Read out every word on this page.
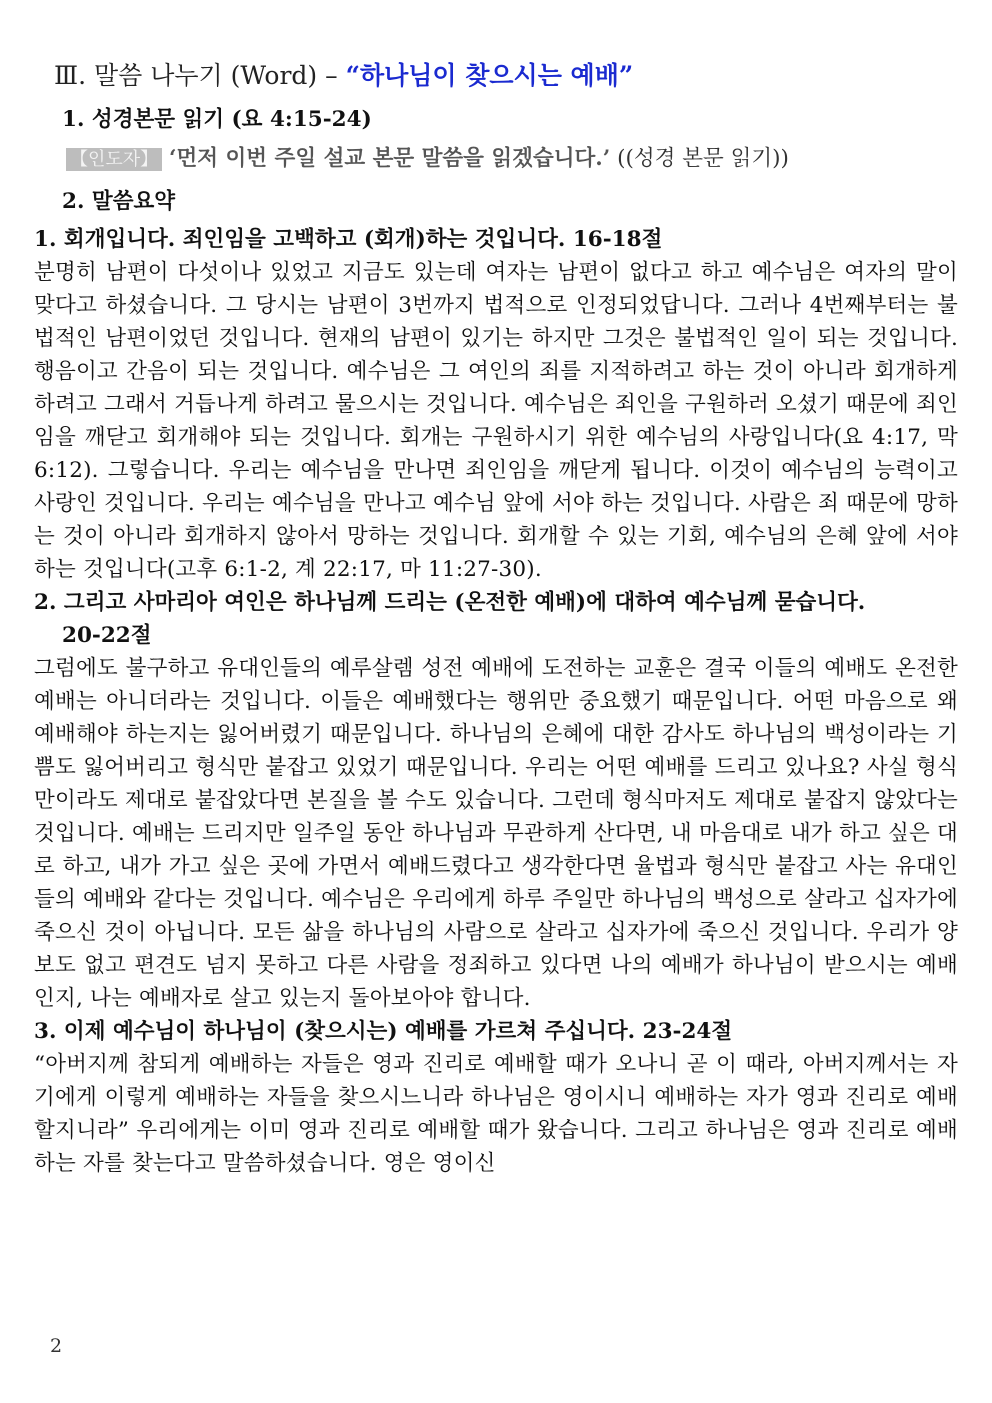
Ⅲ. 말씀 나누기 (Word) – “하나님이 찾으시는 예배”
1. 성경본문 읽기 (요 4:15-24)
【인도자】 ‘먼저 이번 주일 설교 본문 말씀을 읽겠습니다.’ ((성경 본문 읽기))
2. 말씀요약

1. 회개입니다. 죄인임을 고백하고 (회개)하는 것입니다. 16-18절

분명히 남편이 다섯이나 있었고 지금도 있는데 여자는 남편이 없다고 하고 예수님은 여자의 말이 맞다고 하셨습니다. 그 당시는 남편이 3번까지 법적으로 인정되었답니다. 그러나 4번째부터는 불법적인 남편이었던 것입니다. 현재의 남편이 있기는 하지만 그것은 불법적인 일이 되는 것입니다. 행음이고 간음이 되는 것입니다. 예수님은 그 여인의 죄를 지적하려고 하는 것이 아니라 회개하게 하려고 그래서 거듭나게 하려고 물으시는 것입니다. 예수님은 죄인을 구원하러 오셨기 때문에 죄인임을 깨닫고 회개해야 되는 것입니다. 회개는 구원하시기 위한 예수님의 사랑입니다(요 4:17, 막 6:12). 그렇습니다. 우리는 예수님을 만나면 죄인임을 깨닫게 됩니다. 이것이 예수님의 능력이고 사랑인 것입니다. 우리는 예수님을 만나고 예수님 앞에 서야 하는 것입니다. 사람은 죄 때문에 망하는 것이 아니라 회개하지 않아서 망하는 것입니다. 회개할 수 있는 기회, 예수님의 은혜 앞에 서야 하는 것입니다(고후 6:1-2, 계 22:17, 마 11:27-30).

2. 그리고 사마리아 여인은 하나님께 드리는 (온전한 예배)에 대하여 예수님께 묻습니다.

20-22절

그럼에도 불구하고 유대인들의 예루살렘 성전 예배에 도전하는 교훈은 결국 이들의 예배도 온전한 예배는 아니더라는 것입니다. 이들은 예배했다는 행위만 중요했기 때문입니다. 어떤 마음으로 왜 예배해야 하는지는 잃어버렸기 때문입니다. 하나님의 은혜에 대한 감사도 하나님의 백성이라는 기쁨도 잃어버리고 형식만 붙잡고 있었기 때문입니다. 우리는 어떤 예배를 드리고 있나요? 사실 형식만이라도 제대로 붙잡았다면 본질을 볼 수도 있습니다. 그런데 형식마저도 제대로 붙잡지 않았다는 것입니다. 예배는 드리지만 일주일 동안 하나님과 무관하게 산다면, 내 마음대로 내가 하고 싶은 대로 하고, 내가 가고 싶은 곳에 가면서 예배드렸다고 생각한다면 율법과 형식만 붙잡고 사는 유대인들의 예배와 같다는 것입니다. 예수님은 우리에게 하루 주일만 하나님의 백성으로 살라고 십자가에 죽으신 것이 아닙니다. 모든 삶을 하나님의 사람으로 살라고 십자가에 죽으신 것입니다. 우리가 양보도 없고 편견도 넘지 못하고 다른 사람을 정죄하고 있다면 나의 예배가 하나님이 받으시는 예배인지, 나는 예배자로 살고 있는지 돌아보아야 합니다.

3. 이제 예수님이 하나님이 (찾으시는) 예배를 가르쳐 주십니다. 23-24절

“아버지께 참되게 예배하는 자들은 영과 진리로 예배할 때가 오나니 곧 이 때라, 아버지께서는 자기에게 이렇게 예배하는 자들을 찾으시느니라 하나님은 영이시니 예배하는 자가 영과 진리로 예배할지니라” 우리에게는 이미 영과 진리로 예배할 때가 왔습니다. 그리고 하나님은 영과 진리로 예배하는 자를 찾는다고 말씀하셨습니다. 영은 영이신

2
